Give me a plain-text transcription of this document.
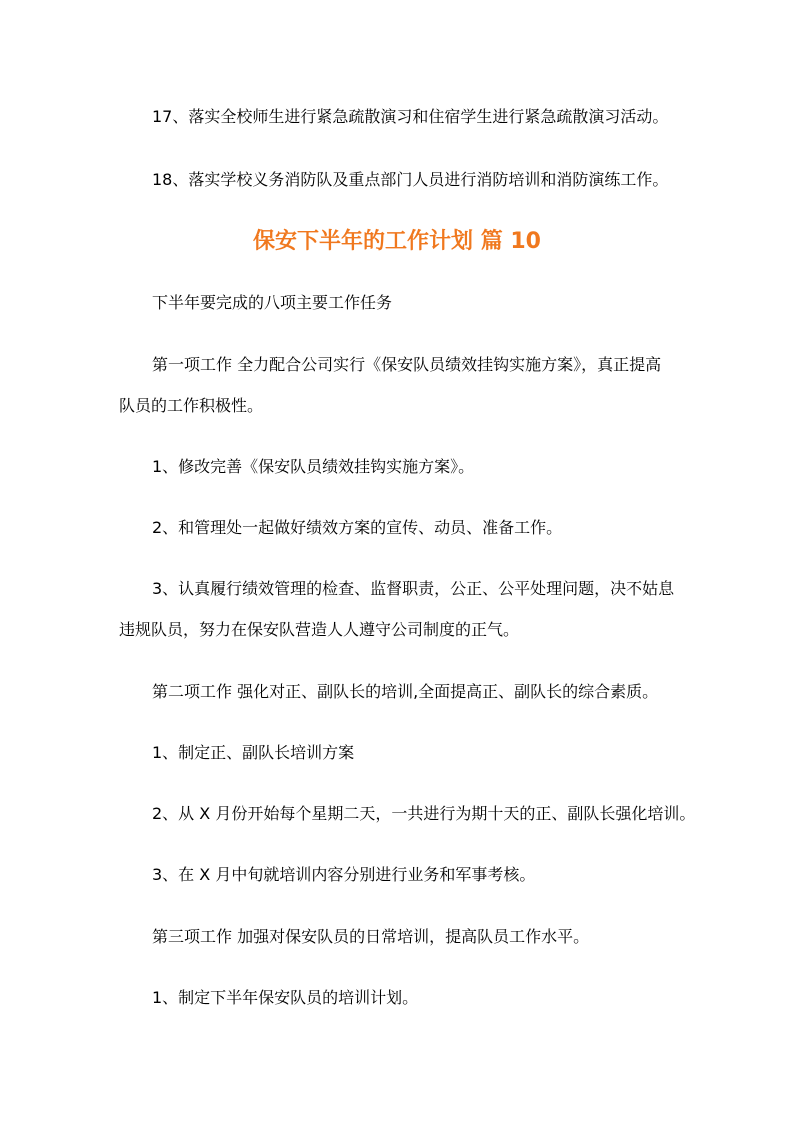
17、落实全校师生进行紧急疏散演习和住宿学生进行紧急疏散演习活动。

18、落实学校义务消防队及重点部门人员进行消防培训和消防演练工作。

保安下半年的工作计划 篇 10

下半年要完成的八项主要工作任务

第一项工作 全力配合公司实行《保安队员绩效挂钩实施方案》，真正提高

队员的工作积极性。

1、修改完善《保安队员绩效挂钩实施方案》。

2、和管理处一起做好绩效方案的宣传、动员、准备工作。

3、认真履行绩效管理的检查、监督职责，公正、公平处理问题，决不姑息

违规队员，努力在保安队营造人人遵守公司制度的正气。

第二项工作 强化对正、副队长的培训,全面提高正、副队长的综合素质。

1、制定正、副队长培训方案

2、从 X 月份开始每个星期二天，一共进行为期十天的正、副队长强化培训。

3、在 X 月中旬就培训内容分别进行业务和军事考核。

第三项工作 加强对保安队员的日常培训，提高队员工作水平。

1、制定下半年保安队员的培训计划。
